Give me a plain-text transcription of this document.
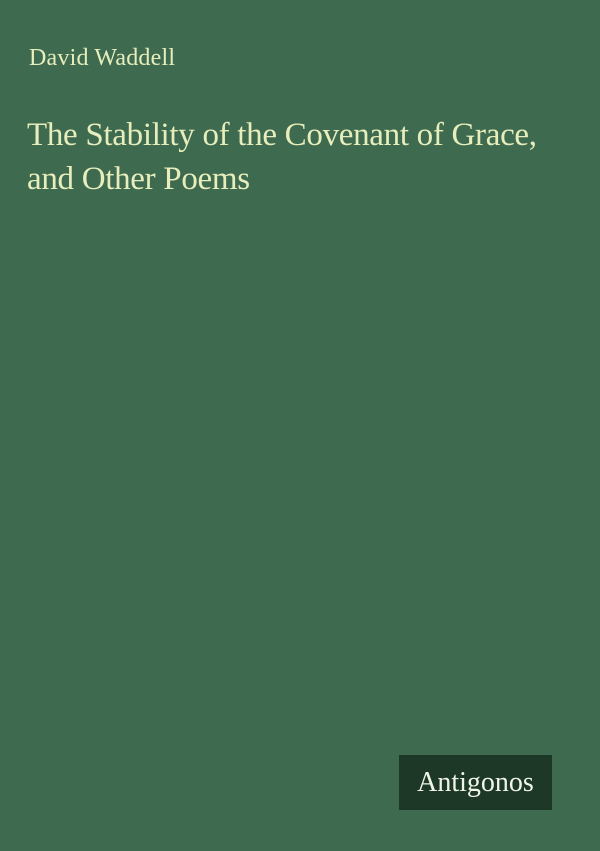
David Waddell
The Stability of the Covenant of Grace,
and Other Poems
Antigonos
